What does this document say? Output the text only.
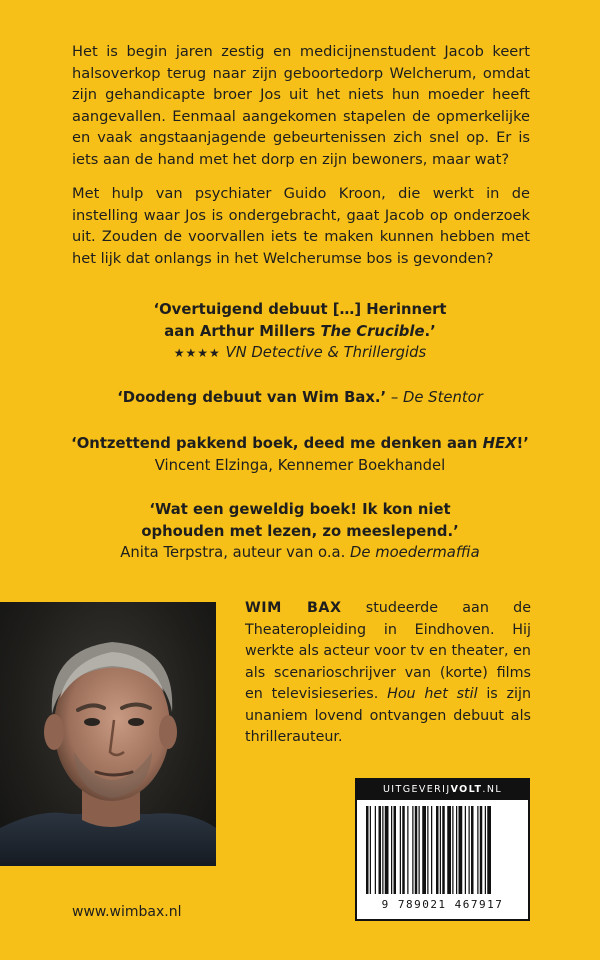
Het is begin jaren zestig en medicijnenstudent Jacob keert halsoverkop terug naar zijn geboortedorp Welcherum, omdat zijn gehandicapte broer Jos uit het niets hun moeder heeft aangevallen. Eenmaal aangekomen stapelen de opmerkelijke en vaak angstaanjagende gebeurtenissen zich snel op. Er is iets aan de hand met het dorp en zijn bewoners, maar wat?

Met hulp van psychiater Guido Kroon, die werkt in de instelling waar Jos is ondergebracht, gaat Jacob op onderzoek uit. Zouden de voorvallen iets te maken kunnen hebben met het lijk dat onlangs in het Welcherumse bos is gevonden?

‘Overtuigend debuut […] Herinnert
aan Arthur Millers The Crucible.’
★★★★ VN Detective & Thrillergids
‘Doodeng debuut van Wim Bax.’ – De Stentor
‘Ontzettend pakkend boek, deed me denken aan HEX!’
Vincent Elzinga, Kennemer Boekhandel
‘Wat een geweldig boek! Ik kon niet
ophouden met lezen, zo meeslepend.’
Anita Terpstra, auteur van o.a. De moedermaffia

WIM BAX studeerde aan de Theateropleiding in Eindhoven. Hij werkte als acteur voor tv en theater, en als scenarioschrijver van (korte) films en televisieseries. Hou het stil is zijn unaniem lovend ontvangen debuut als thrillerauteur.

UITGEVERIJVOLT.NL
9 789021 467917

www.wimbax.nl
